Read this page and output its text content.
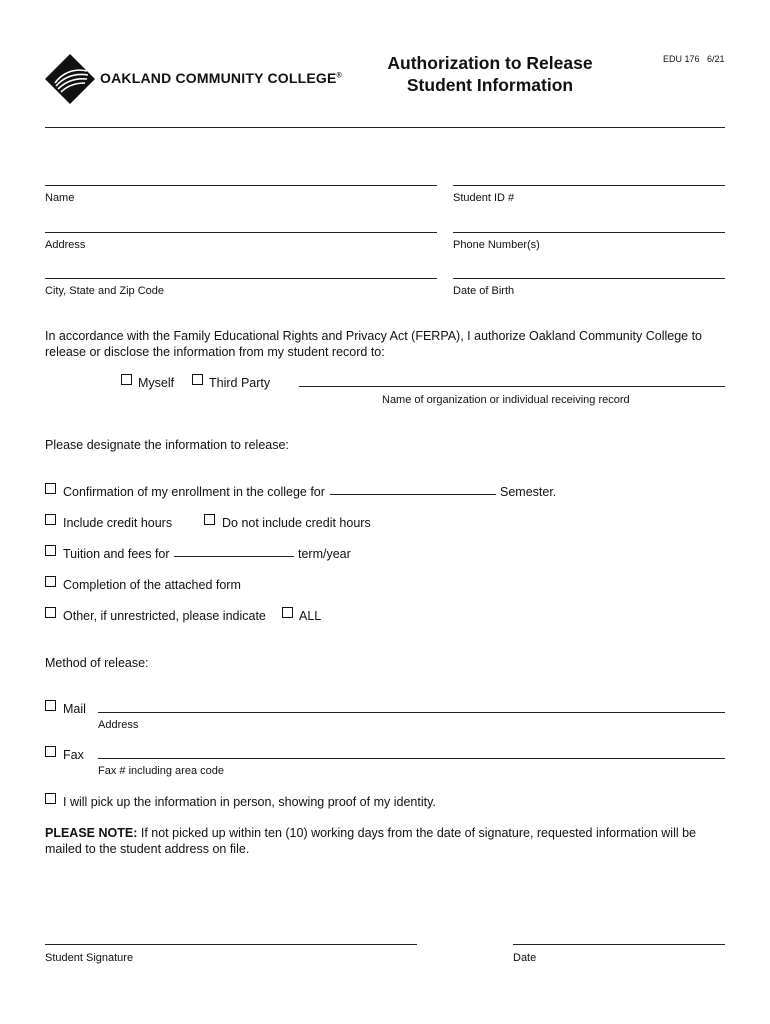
OAKLAND COMMUNITY COLLEGE®
Authorization to Release
Student Information
EDU 176 6/21
Name	Student ID #
Address	Phone Number(s)
City, State and Zip Code	Date of Birth
In accordance with the Family Educational Rights and Privacy Act (FERPA), I authorize Oakland Community College to
release or disclose the information from my student record to:
Myself	Third Party
Name of organization or individual receiving record
Please designate the information to release:
Confirmation of my enrollment in the college for	Semester.
Include credit hours	Do not include credit hours
Tuition and fees for	term/year
Completion of the attached form
Other, if unrestricted, please indicate	ALL
Method of release:
Mail
Address
Fax
Fax # including area code
I will pick up the information in person, showing proof of my identity.
PLEASE NOTE: If not picked up within ten (10) working days from the date of signature, requested information will be
mailed to the student address on file.
Student Signature	Date
